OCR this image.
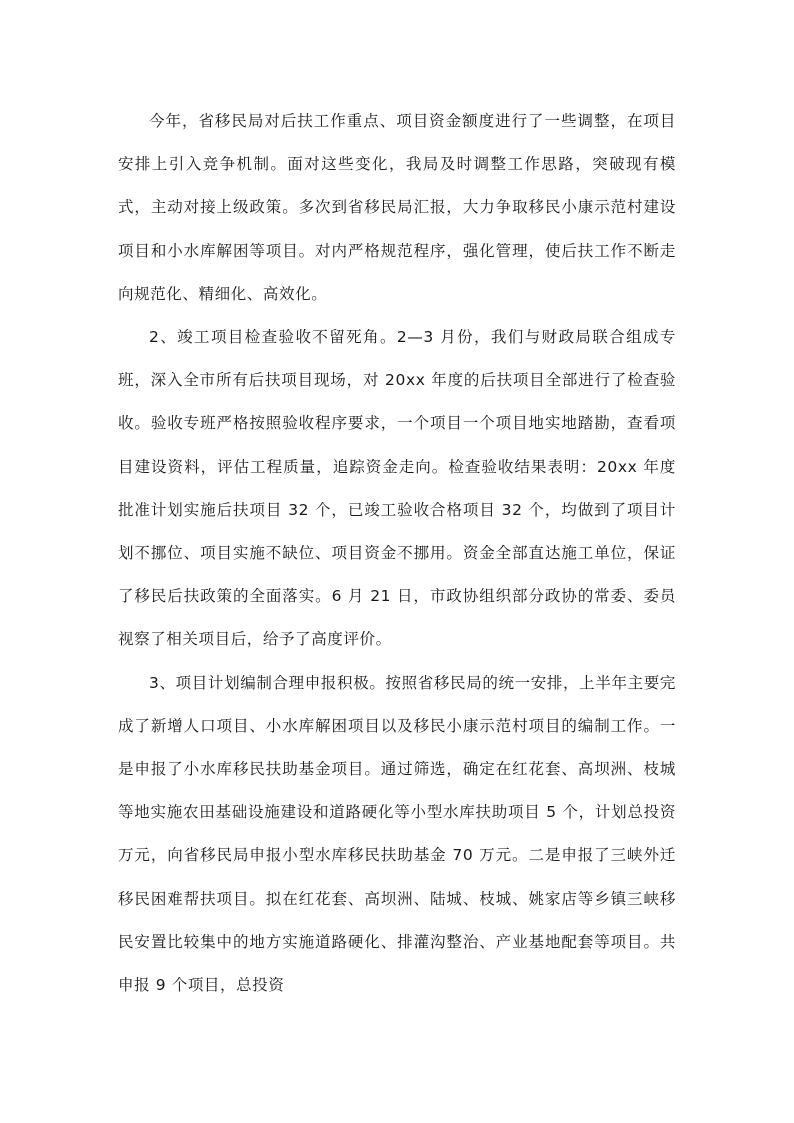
今年，省移民局对后扶工作重点、项目资金额度进行了一些调整，在项目安排上引入竞争机制。面对这些变化，我局及时调整工作思路，突破现有模式，主动对接上级政策。多次到省移民局汇报，大力争取移民小康示范村建设项目和小水库解困等项目。对内严格规范程序，强化管理，使后扶工作不断走向规范化、精细化、高效化。

2、竣工项目检查验收不留死角。2—3 月份，我们与财政局联合组成专班，深入全市所有后扶项目现场，对 20xx 年度的后扶项目全部进行了检查验收。验收专班严格按照验收程序要求，一个项目一个项目地实地踏勘，查看项目建设资料，评估工程质量，追踪资金走向。检查验收结果表明：20xx 年度批准计划实施后扶项目 32 个，已竣工验收合格项目 32 个，均做到了项目计划不挪位、项目实施不缺位、项目资金不挪用。资金全部直达施工单位，保证了移民后扶政策的全面落实。6 月 21 日，市政协组织部分政协的常委、委员视察了相关项目后，给予了高度评价。

3、项目计划编制合理申报积极。按照省移民局的统一安排，上半年主要完成了新增人口项目、小水库解困项目以及移民小康示范村项目的编制工作。一是申报了小水库移民扶助基金项目。通过筛选，确定在红花套、高坝洲、枝城等地实施农田基础设施建设和道路硬化等小型水库扶助项目 5 个，计划总投资万元，向省移民局申报小型水库移民扶助基金 70 万元。二是申报了三峡外迁移民困难帮扶项目。拟在红花套、高坝洲、陆城、枝城、姚家店等乡镇三峡移民安置比较集中的地方实施道路硬化、排灌沟整治、产业基地配套等项目。共申报 9 个项目，总投资
